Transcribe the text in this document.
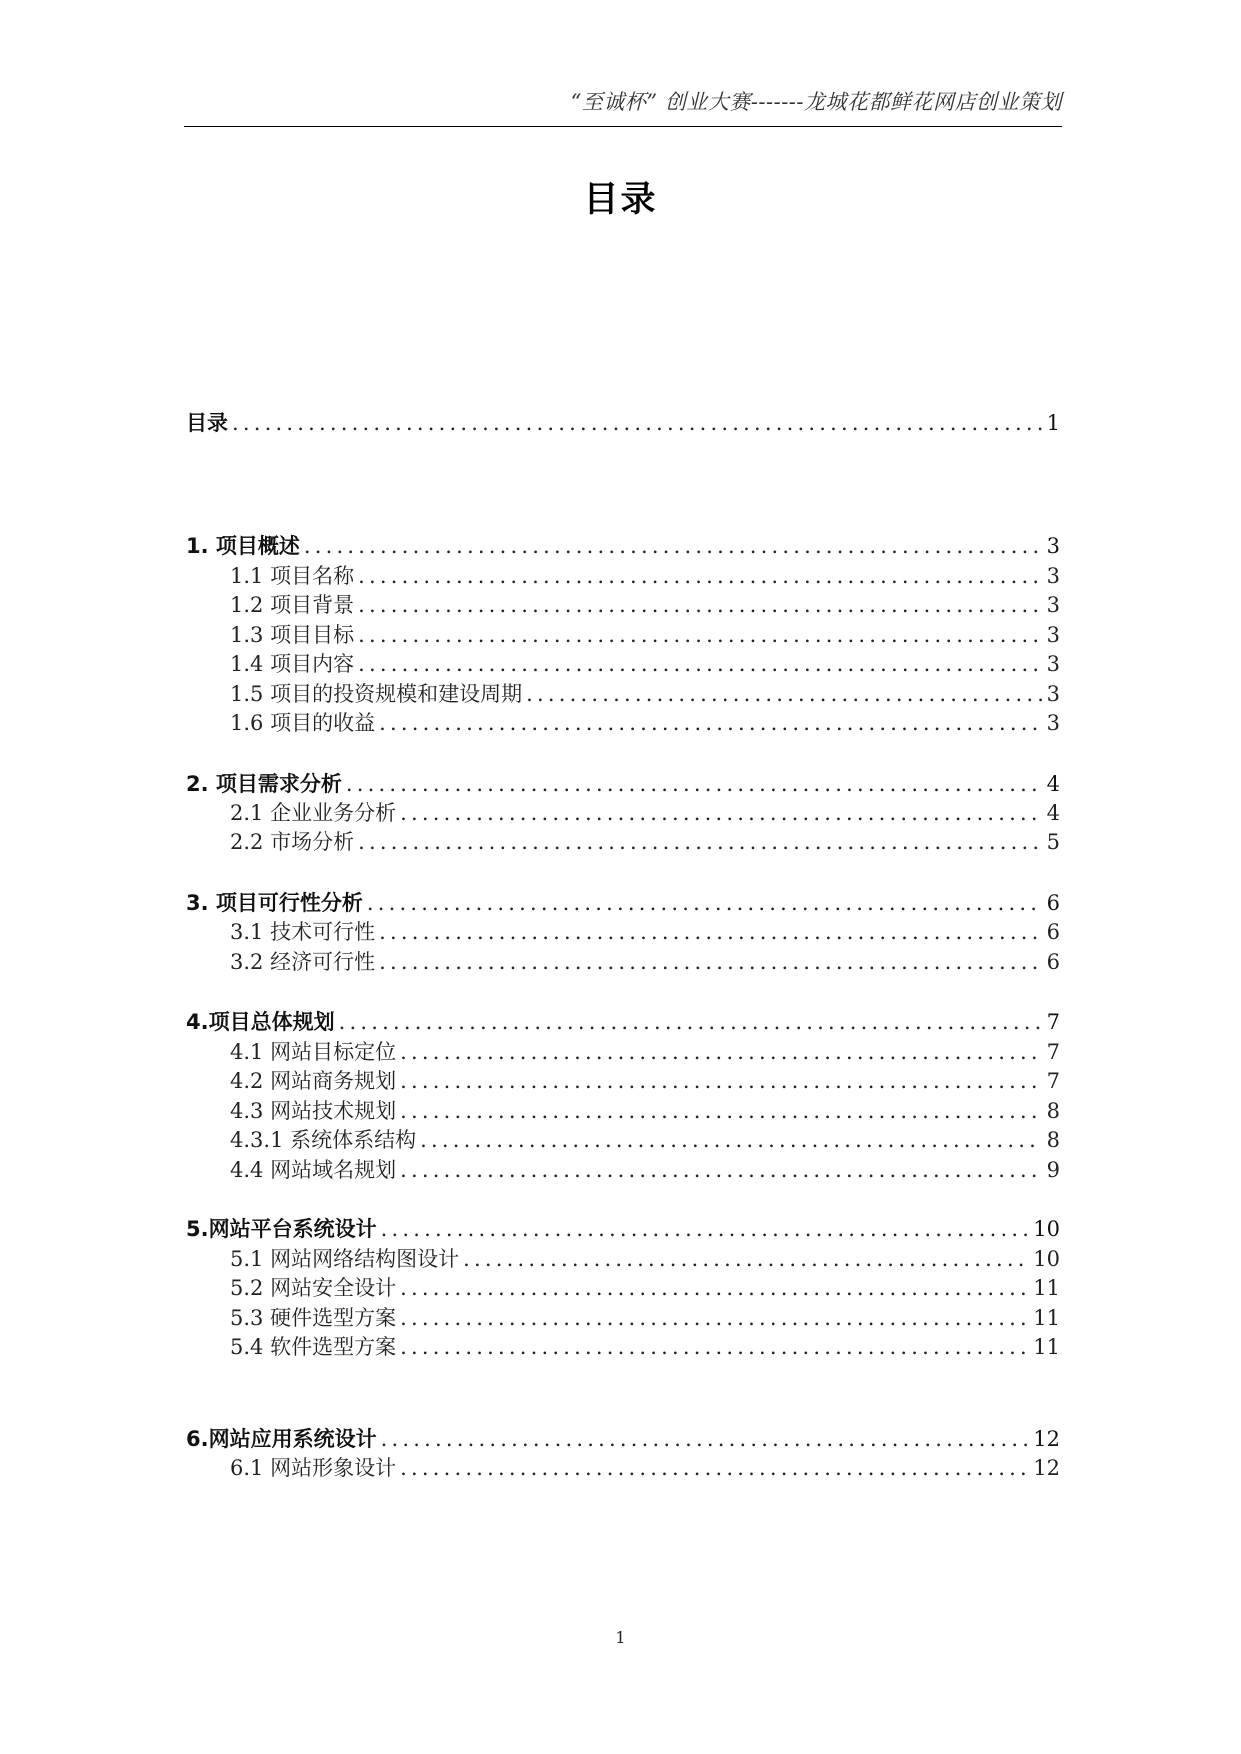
“至诚杯” 创业大赛-------龙城花都鲜花网店创业策划
目录
目录 .....	1
1. 项目概述 .....	3
1.1 项目名称 .....	3
1.2 项目背景 .....	3
1.3 项目目标 .....	3
1.4 项目内容 .....	3
1.5 项目的投资规模和建设周期 .....	3
1.6 项目的收益 .....	3
2. 项目需求分析 .....	4
2.1 企业业务分析 .....	4
2.2 市场分析 .....	5
3. 项目可行性分析 .....	6
3.1 技术可行性 .....	6
3.2 经济可行性 .....	6
4.项目总体规划 .....	7
4.1 网站目标定位 .....	7
4.2 网站商务规划 .....	7
4.3 网站技术规划 .....	8
4.3.1 系统体系结构 .....	8
4.4 网站域名规划 .....	9
5.网站平台系统设计 .....	10
5.1 网站网络结构图设计 .....	10
5.2 网站安全设计 .....	11
5.3 硬件选型方案 .....	11
5.4 软件选型方案 .....	11
6.网站应用系统设计 .....	12
6.1 网站形象设计 .....	12
1
